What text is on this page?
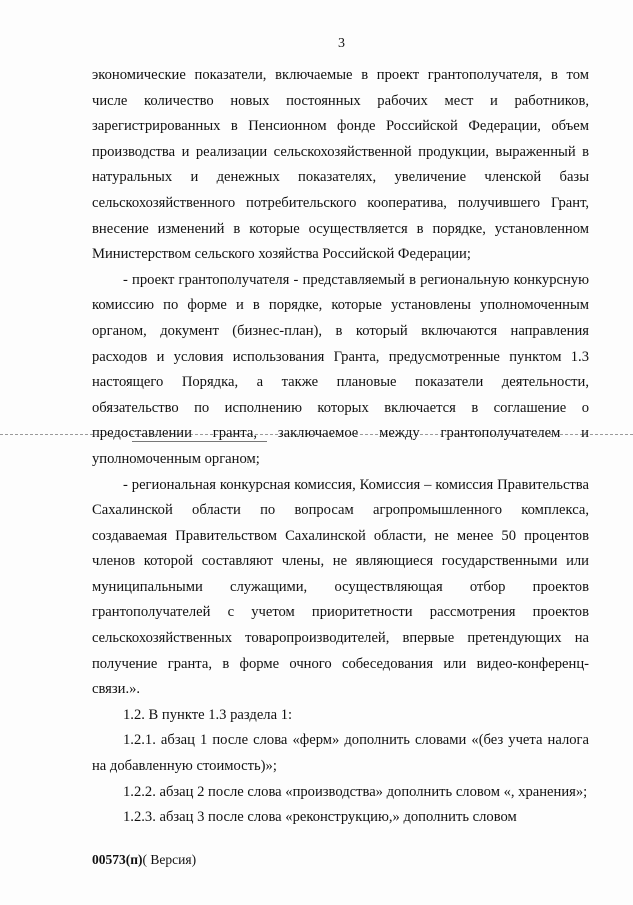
3

экономические показатели, включаемые в проект грантополучателя, в том числе количество новых постоянных рабочих мест и работников, зарегистрированных в Пенсионном фонде Российской Федерации, объем производства и реализации сельскохозяйственной продукции, выраженный в натуральных и денежных показателях, увеличение членской базы сельскохозяйственного потребительского кооператива, получившего Грант, внесение изменений в которые осуществляется в порядке, установленном Министерством сельского хозяйства Российской Федерации;

- проект грантополучателя - представляемый в региональную конкурсную комиссию по форме и в порядке, которые установлены уполномоченным органом, документ (бизнес-план), в который включаются направления расходов и условия использования Гранта, предусмотренные пунктом 1.3 настоящего Порядка, а также плановые показатели деятельности, обязательство по исполнению которых включается в соглашение о предоставлении гранта, заключаемое между грантополучателем и уполномоченным органом;

- региональная конкурсная комиссия, Комиссия – комиссия Правительства Сахалинской области по вопросам агропромышленного комплекса, создаваемая Правительством Сахалинской области, не менее 50 процентов членов которой составляют члены, не являющиеся государственными или муниципальными служащими, осуществляющая отбор проектов грантополучателей с учетом приоритетности рассмотрения проектов сельскохозяйственных товаропроизводителей, впервые претендующих на получение гранта, в форме очного собеседования или видео-конференц-связи.».

1.2. В пункте 1.3 раздела 1:

1.2.1. абзац 1 после слова «ферм» дополнить словами «(без учета налога на добавленную стоимость)»;

1.2.2. абзац 2 после слова «производства» дополнить словом «, хранения»;

1.2.3. абзац 3 после слова «реконструкцию,» дополнить словом

00573(п)( Версия)
